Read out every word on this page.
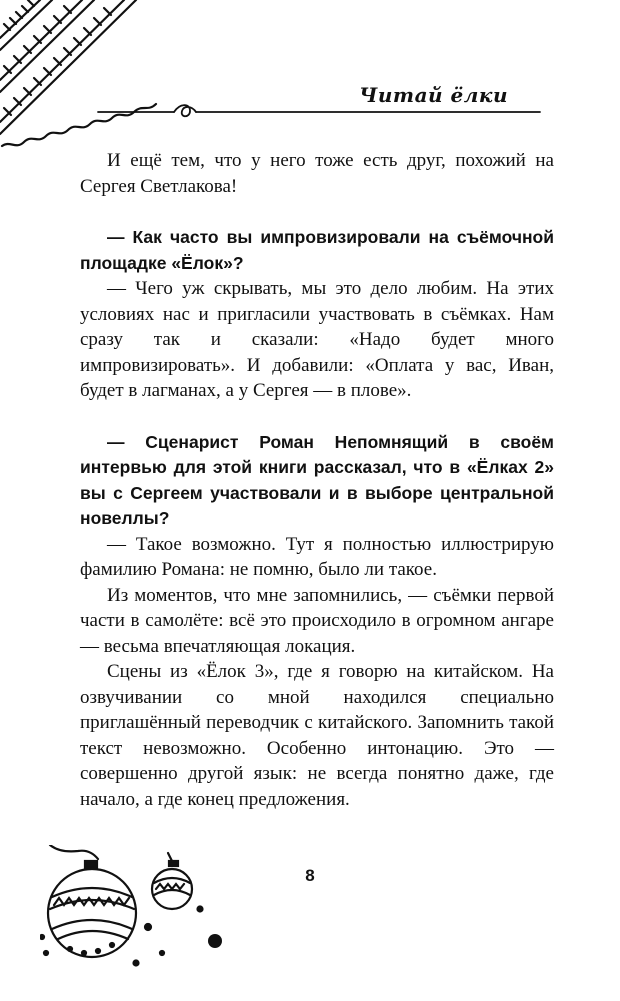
Читай ёлки

И ещё тем, что у него тоже есть друг, похожий на Сергея Светлакова!

— Как часто вы импровизировали на съёмочной площадке «Ёлок»?

— Чего уж скрывать, мы это дело любим. На этих условиях нас и пригласили участвовать в съёмках. Нам сразу так и сказали: «Надо будет много импровизировать». И добавили: «Оплата у вас, Иван, будет в лагманах, а у Сергея — в плове».

— Сценарист Роман Непомнящий в своём интервью для этой книги рассказал, что в «Ёлках 2» вы с Сергеем участвовали и в выборе центральной новеллы?

— Такое возможно. Тут я полностью иллюстрирую фамилию Романа: не помню, было ли такое.

Из моментов, что мне запомнились, — съёмки первой части в самолёте: всё это происходило в огромном ангаре — весьма впечатляющая локация.

Сцены из «Ёлок 3», где я говорю на китайском. На озвучивании со мной находился специально приглашённый переводчик с китайского. Запомнить такой текст невозможно. Особенно интонацию. Это — совершенно другой язык: не всегда понятно даже, где начало, а где конец предложения.

8
